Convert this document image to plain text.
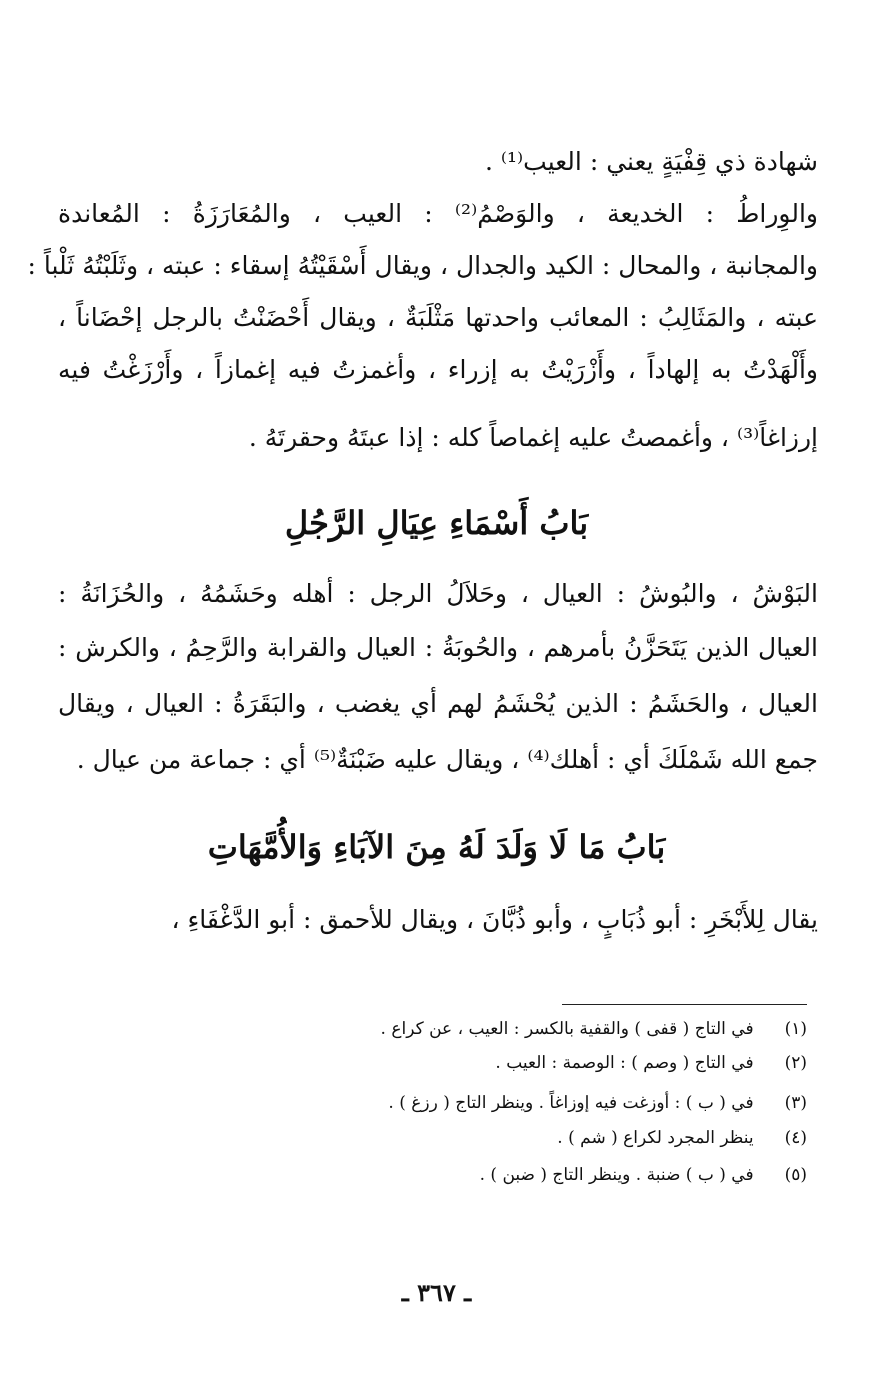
شهادة ذي قِفْيَةٍ يعني : العيب⁽¹⁾ .
والوِراطُ : الخديعة ، والوَصْمُ⁽²⁾ : العيب ، والمُعَارَزَةُ : المُعاندة
والمجانبة ، والمحال : الكيد والجدال ، ويقال أَسْقَيْتُهُ إسقاء : عبته ، وثَلَبْتُهُ ثَلْباً :
عبته ، والمَثَالِبُ : المعائب واحدتها مَثْلَبَةٌ ، ويقال أَحْضَنْتُ بالرجل إحْضَاناً ،
وأَلْهَدْتُ به إلهاداً ، وأَزْرَيْتُ به إزراء ، وأغمزتُ فيه إغمازاً ، وأَرْزَغْتُ فيه
إرزاغاً⁽³⁾ ، وأغمصتُ عليه إغماصاً كله : إذا عبتَهُ وحقرتَهُ .
بَابُ أَسْمَاءِ عِيَالِ الرَّجُلِ
البَوْشُ ، والبُوشُ : العيال ، وحَلاَلُ الرجل : أهله وحَشَمُهُ ، والحُزَانَةُ :
العيال الذين يَتَحَزَّنُ بأمرهم ، والحُوبَةُ : العيال والقرابة والرَّحِمُ ، والكرش :
العيال ، والحَشَمُ : الذين يُحْشَمُ لهم أي يغضب ، والبَقَرَةُ : العيال ، ويقال
جمع الله شَمْلَكَ أي : أهلك⁽⁴⁾ ، ويقال عليه ضَبْنَةٌ⁽⁵⁾ أي : جماعة من عيال .
بَابُ مَا لَا وَلَدَ لَهُ مِنَ الآبَاءِ وَالأُمَّهَاتِ
يقال لِلأَبْخَرِ : أبو ذُبَابٍ ، وأبو ذُبَّانَ ، ويقال للأحمق : أبو الدَّغْفَاءِ ،
(١) في التاج ( قفى ) والقفية بالكسر : العيب ، عن كراع .
(٢) في التاج ( وصم ) : الوصمة : العيب .
(٣) في ( ب ) : أوزغت فيه إوزاغاً . وينظر التاج ( رزغ ) .
(٤) ينظر المجرد لكراع ( شم ) .
(٥) في ( ب ) ضنبة . وينظر التاج ( ضبن ) .
ـ ٣٦٧ ـ
